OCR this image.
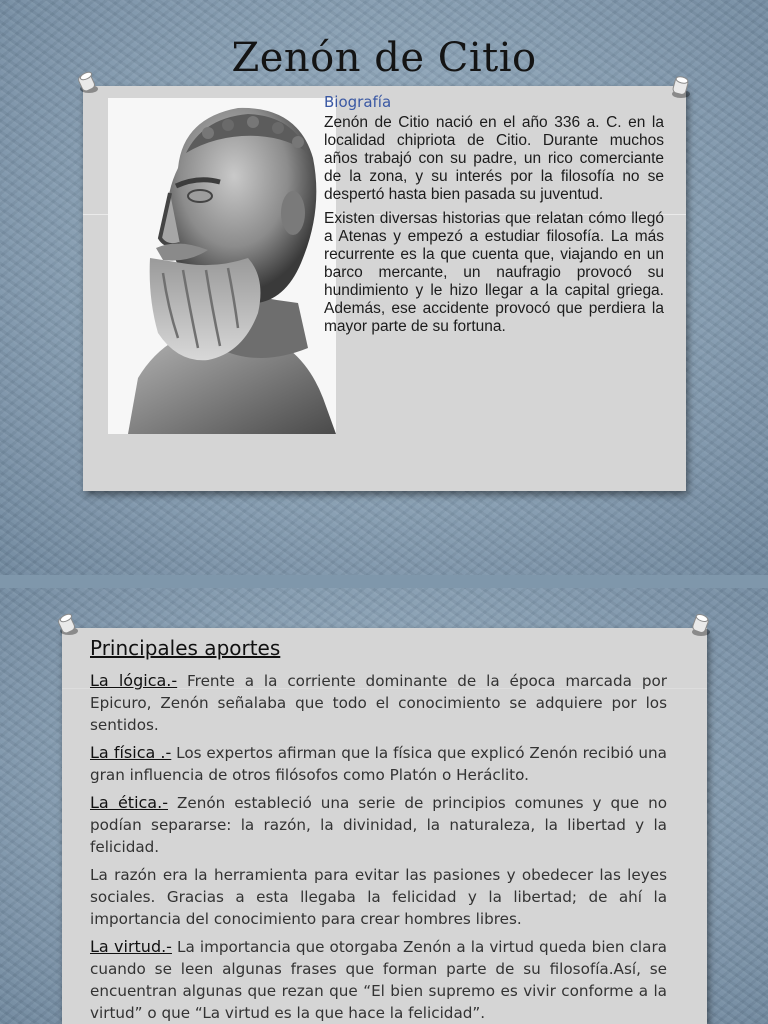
Zenón de Citio
Biografía

Zenón de Citio nació en el año 336 a. C. en la localidad chipriota de Citio. Durante muchos años trabajó con su padre, un rico comerciante de la zona, y su interés por la filosofía no se despertó hasta bien pasada su juventud.

Existen diversas historias que relatan cómo llegó a Atenas y empezó a estudiar filosofía. La más recurrente es la que cuenta que, viajando en un barco mercante, un naufragio provocó su hundimiento y le hizo llegar a la capital griega. Además, ese accidente provocó que perdiera la mayor parte de su fortuna.

Principales aportes

La lógica.- Frente a la corriente dominante de la época marcada por Epicuro, Zenón señalaba que todo el conocimiento se adquiere por los sentidos.

La física .- Los expertos afirman que la física que explicó Zenón recibió una gran influencia de otros filósofos como Platón o Heráclito.

La ética.- Zenón estableció una serie de principios comunes y que no podían separarse: la razón, la divinidad, la naturaleza, la libertad y la felicidad.

La razón era la herramienta para evitar las pasiones y obedecer las leyes sociales. Gracias a esta llegaba la felicidad y la libertad; de ahí la importancia del conocimiento para crear hombres libres.

La virtud.- La importancia que otorgaba Zenón a la virtud queda bien clara cuando se leen algunas frases que forman parte de su filosofía.Así, se encuentran algunas que rezan que “El bien supremo es vivir conforme a la virtud” o que “La virtud es la que hace la felicidad”.
